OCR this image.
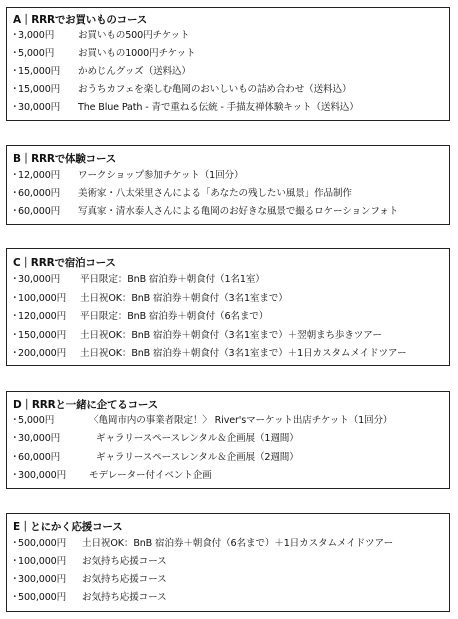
A｜RRRでお買いものコース
・3,000円 お買いもの500円チケット
・5,000円 お買いもの1000円チケット
・15,000円 かめじんグッズ（送料込）
・15,000円 おうちカフェを楽しむ亀岡のおいしいもの詰め合わせ（送料込）
・30,000円 The Blue Path - 青で重ねる伝統 - 手描友禅体験キット（送料込）
B｜RRRで体験コース
・12,000円 ワークショップ参加チケット（1回分）
・60,000円 美術家・八太栄里さんによる「あなたの残したい風景」作品制作
・60,000円 写真家・清水泰人さんによる亀岡のお好きな風景で撮るロケーションフォト
C｜RRRで宿泊コース
・30,000円 平日限定：BnB 宿泊券＋朝食付（1名1室）
・100,000円 土日祝OK：BnB 宿泊券＋朝食付（3名1室まで）
・120,000円 平日限定：BnB 宿泊券＋朝食付（6名まで）
・150,000円 土日祝OK：BnB 宿泊券＋朝食付（3名1室まで）＋翌朝まち歩きツアー
・200,000円 土日祝OK：BnB 宿泊券＋朝食付（3名1室まで）＋1日カスタムメイドツアー
D｜RRRと一緒に企てるコース
・5,000円	〈亀岡市内の事業者限定！〉 River'sマーケット出店チケット（1回分）
・30,000円	ギャラリースペースレンタル＆企画展（1週間）
・60,000円	ギャラリースペースレンタル＆企画展（2週間）
・300,000円 モデレーター付イベント企画
E｜とにかく応援コース
・500,000円 土日祝OK：BnB 宿泊券＋朝食付（6名まで）＋1日カスタムメイドツアー
・100,000円 お気持ち応援コース
・300,000円 お気持ち応援コース
・500,000円 お気持ち応援コース
